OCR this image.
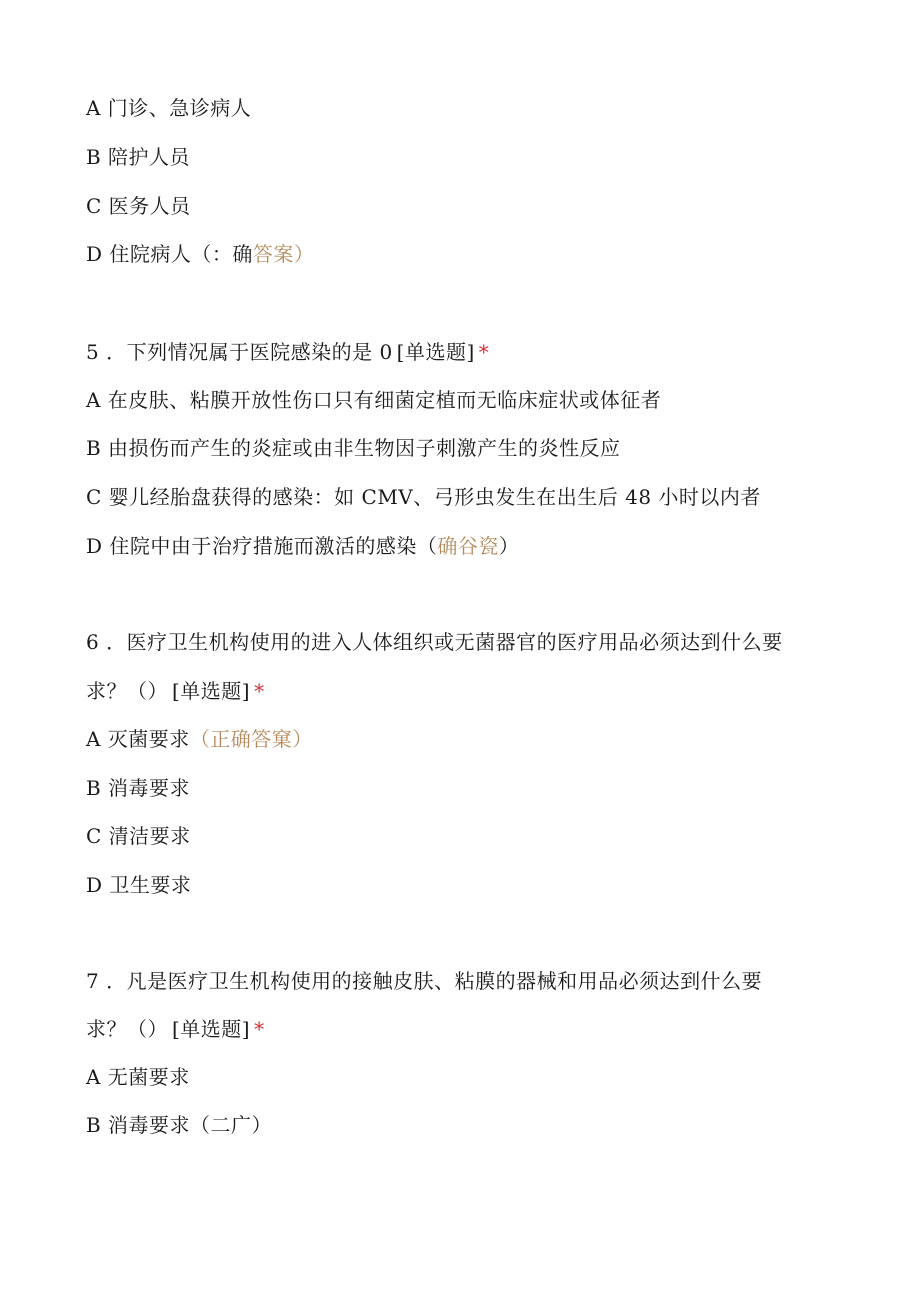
A 门诊、急诊病人
B 陪护人员
C 医务人员
D 住院病人（：确答案）
5 ．下列情况属于医院感染的是 0 [单选题] *
A 在皮肤、粘膜开放性伤口只有细菌定植而无临床症状或体征者
B 由损伤而产生的炎症或由非生物因子刺激产生的炎性反应
C 婴儿经胎盘获得的感染：如 CMV、弓形虫发生在出生后 48 小时以内者
D 住院中由于治疗措施而激活的感染（确谷瓷）
6 ．医疗卫生机构使用的进入人体组织或无菌器官的医疗用品必须达到什么要
求？（） [单选题] *
A 灭菌要求（正确答窠）
B 消毒要求
C 清洁要求
D 卫生要求
7 ．凡是医疗卫生机构使用的接触皮肤、粘膜的器械和用品必须达到什么要
求？（） [单选题] *
A 无菌要求
B 消毒要求（二广）
